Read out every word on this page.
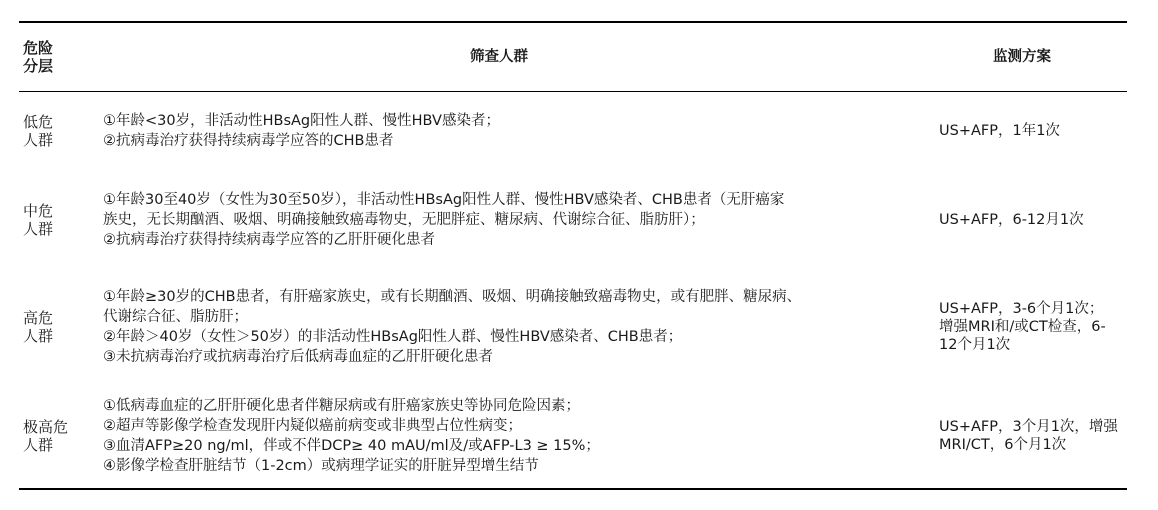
危险
分层	筛查人群	监测方案
低危
人群
①年龄<30岁，非活动性HBsAg阳性人群、慢性HBV感染者；
②抗病毒治疗获得持续病毒学应答的CHB患者
US+AFP，1年1次
中危
人群
①年龄30至40岁（女性为30至50岁），非活动性HBsAg阳性人群、慢性HBV感染者、CHB患者（无肝癌家
族史，无长期酗酒、吸烟、明确接触致癌毒物史，无肥胖症、糖尿病、代谢综合征、脂肪肝）；
②抗病毒治疗获得持续病毒学应答的乙肝肝硬化患者
US+AFP，6-12月1次
高危
人群
①年龄≥30岁的CHB患者，有肝癌家族史，或有长期酗酒、吸烟、明确接触致癌毒物史，或有肥胖、糖尿病、
代谢综合征、脂肪肝；
②年龄＞40岁（女性＞50岁）的非活动性HBsAg阳性人群、慢性HBV感染者、CHB患者；
③未抗病毒治疗或抗病毒治疗后低病毒血症的乙肝肝硬化患者
US+AFP，3-6个月1次；
增强MRI和/或CT检查，6-
12个月1次
极高危
人群
①低病毒血症的乙肝肝硬化患者伴糖尿病或有肝癌家族史等协同危险因素；
②超声等影像学检查发现肝内疑似癌前病变或非典型占位性病变；
③血清AFP≥20 ng/ml，伴或不伴DCP≥ 40 mAU/ml及/或AFP-L3 ≥ 15%；
④影像学检查肝脏结节（1-2cm）或病理学证实的肝脏异型增生结节
US+AFP，3个月1次，增强
MRI/CT，6个月1次
